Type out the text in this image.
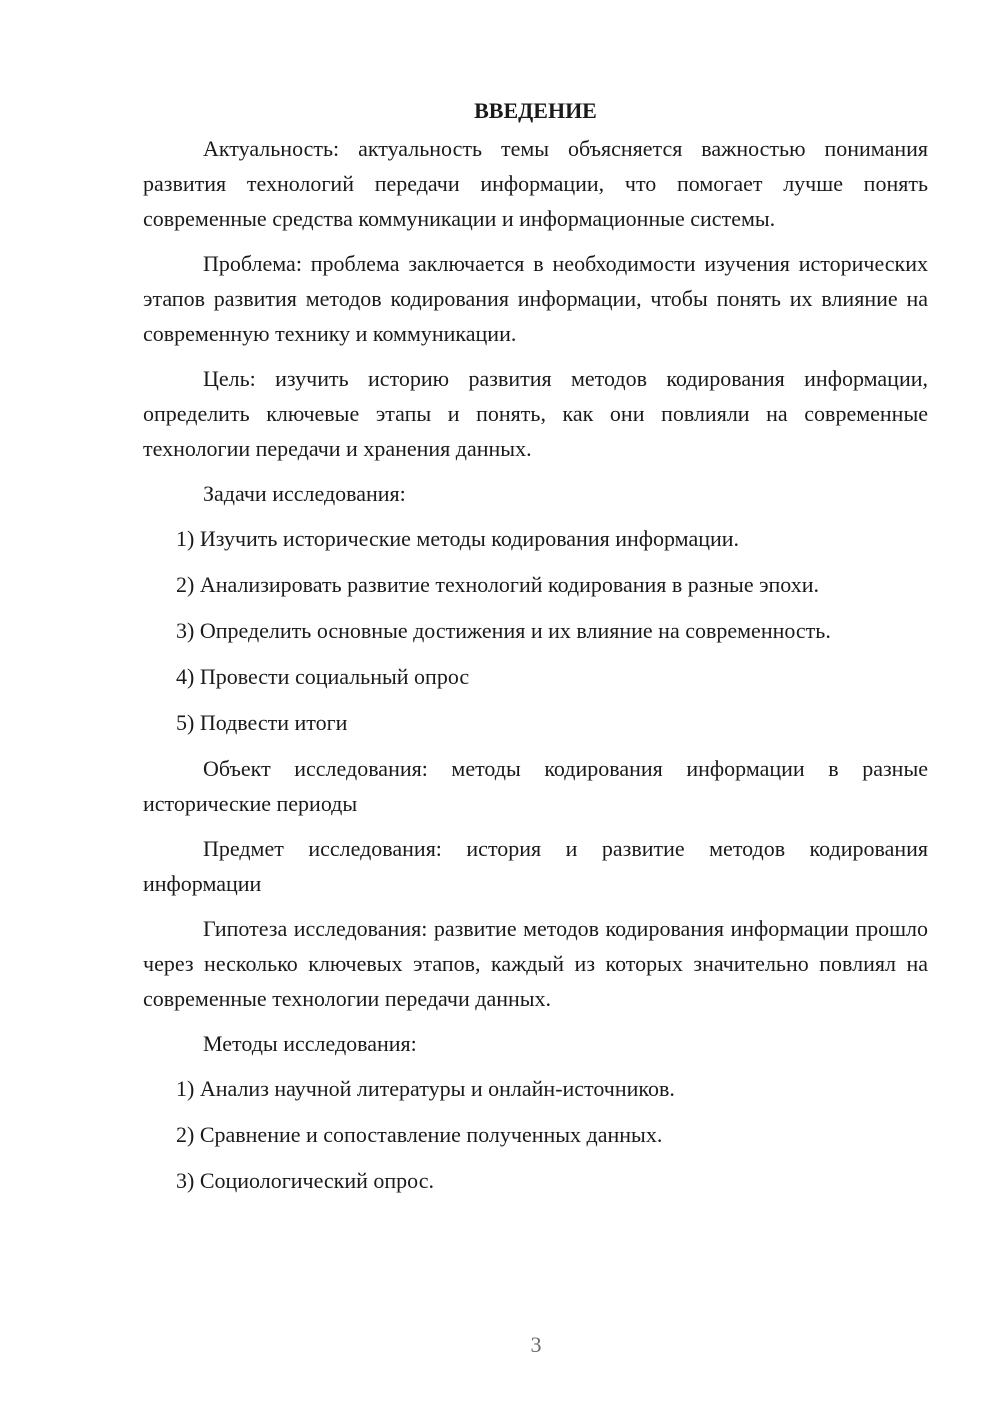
ВВЕДЕНИЕ

Актуальность: актуальность темы объясняется важностью понимания развития технологий передачи информации, что помогает лучше понять современные средства коммуникации и информационные системы.

Проблема: проблема заключается в необходимости изучения исторических этапов развития методов кодирования информации, чтобы понять их влияние на современную технику и коммуникации.

Цель: изучить историю развития методов кодирования информации, определить ключевые этапы и понять, как они повлияли на современные технологии передачи и хранения данных.

Задачи исследования:

1) Изучить исторические методы кодирования информации.
2) Анализировать развитие технологий кодирования в разные эпохи.
3) Определить основные достижения и их влияние на современность.
4) Провести социальный опрос
5) Подвести итоги

Объект исследования: методы кодирования информации в разные исторические периоды

Предмет исследования: история и развитие методов кодирования информации

Гипотеза исследования: развитие методов кодирования информации прошло через несколько ключевых этапов, каждый из которых значительно повлиял на современные технологии передачи данных.

Методы исследования:

1) Анализ научной литературы и онлайн-источников.
2) Сравнение и сопоставление полученных данных.
3) Социологический опрос.
3
